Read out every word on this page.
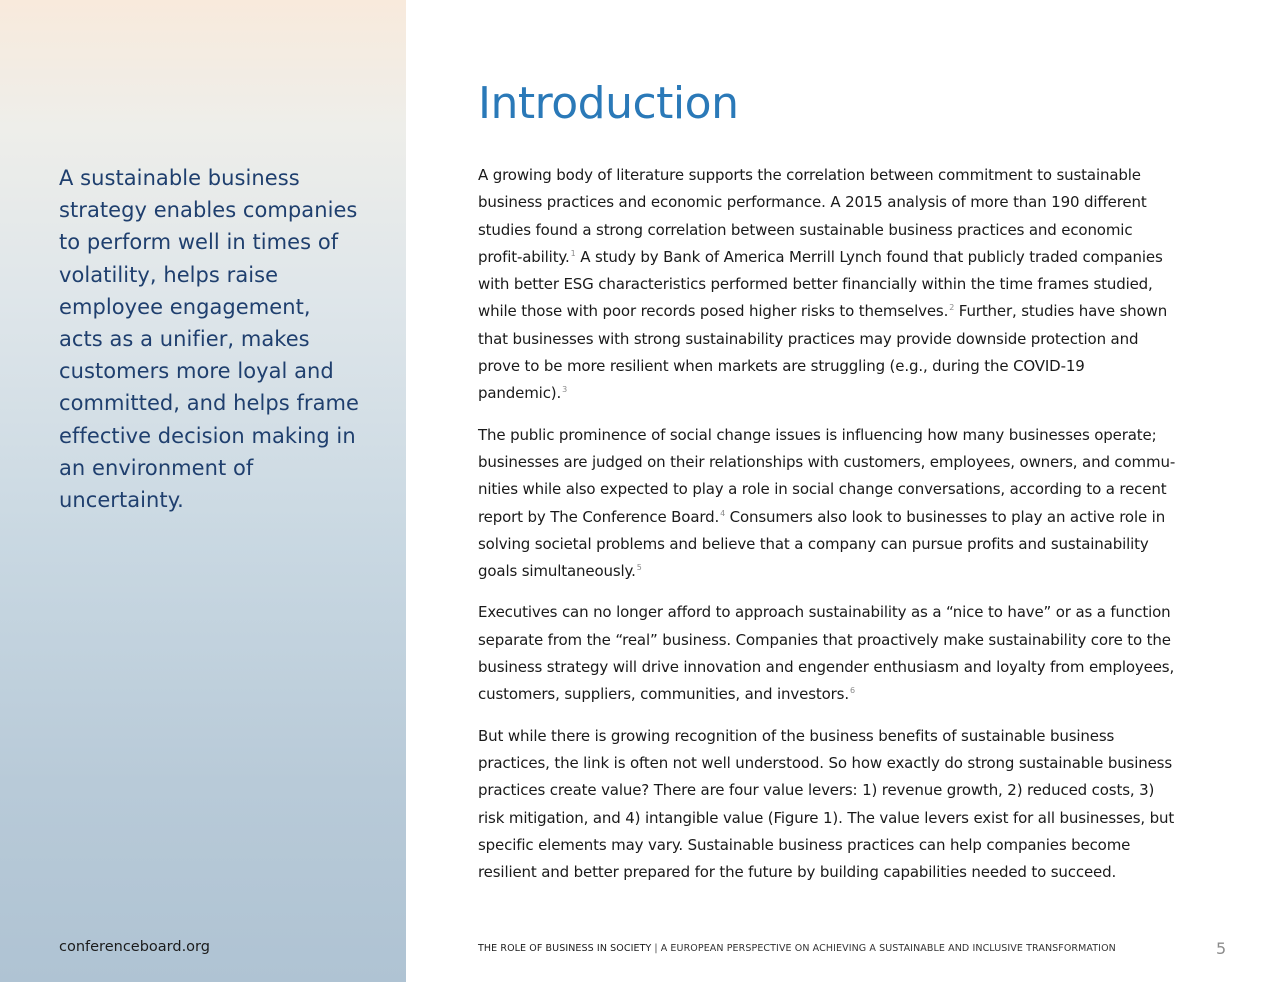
A sustainable business strategy enables companies to perform well in times of volatility, helps raise employee engagement, acts as a unifier, makes customers more loyal and committed, and helps frame effective decision making in an environment of uncertainty.

conferenceboard.org
Introduction

A growing body of literature supports the correlation between commitment to sustainable business practices and economic performance. A 2015 analysis of more than 190 different studies found a strong correlation between sustainable business practices and economic profit-ability.$^1$ A study by Bank of America Merrill Lynch found that publicly traded companies with better ESG characteristics performed better financially within the time frames studied, while those with poor records posed higher risks to themselves.$^2$ Further, studies have shown that businesses with strong sustainability practices may provide downside protection and prove to be more resilient when markets are struggling (e.g., during the COVID-19 pandemic).$^3$

The public prominence of social change issues is influencing how many businesses operate; businesses are judged on their relationships with customers, employees, owners, and commu-nities while also expected to play a role in social change conversations, according to a recent report by The Conference Board.$^4$ Consumers also look to businesses to play an active role in solving societal problems and believe that a company can pursue profits and sustainability goals simultaneously.$^5$

Executives can no longer afford to approach sustainability as a “nice to have” or as a function separate from the “real” business. Companies that proactively make sustainability core to the business strategy will drive innovation and engender enthusiasm and loyalty from employees, customers, suppliers, communities, and investors.$^6$

But while there is growing recognition of the business benefits of sustainable business practices, the link is often not well understood. So how exactly do strong sustainable business practices create value? There are four value levers: 1) revenue growth, 2) reduced costs, 3) risk mitigation, and 4) intangible value (Figure 1). The value levers exist for all businesses, but specific elements may vary. Sustainable business practices can help companies become resilient and better prepared for the future by building capabilities needed to succeed.

THE ROLE OF BUSINESS IN SOCIETY | A EUROPEAN PERSPECTIVE ON ACHIEVING A SUSTAINABLE AND INCLUSIVE TRANSFORMATION	5
